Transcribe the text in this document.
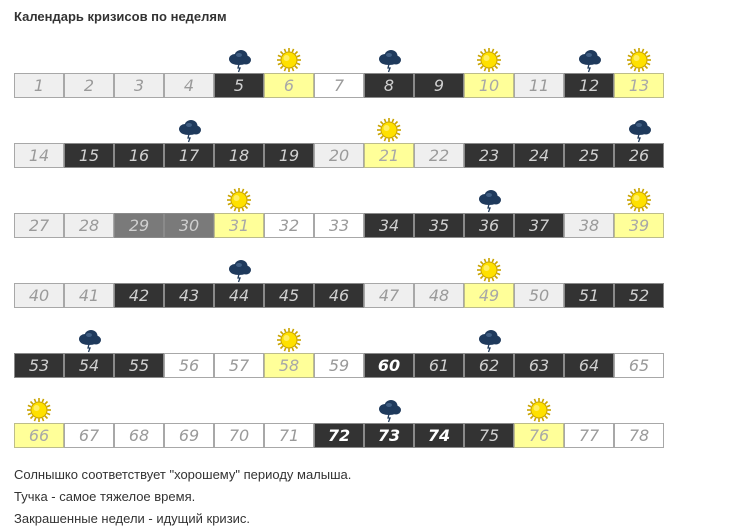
Календарь кризисов по неделям
1	2	3	4	5	6	7	8	9	10	11	12	13
14	15	16	17	18	19	20	21	22	23	24	25	26
27	28	29	30	31	32	33	34	35	36	37	38	39
40	41	42	43	44	45	46	47	48	49	50	51	52
53	54	55	56	57	58	59	60	61	62	63	64	65
66	67	68	69	70	71	72	73	74	75	76	77	78
Солнышко соответствует "хорошему" периоду малыша.
Тучка - самое тяжелое время.
Закрашенные недели - идущий кризис.
